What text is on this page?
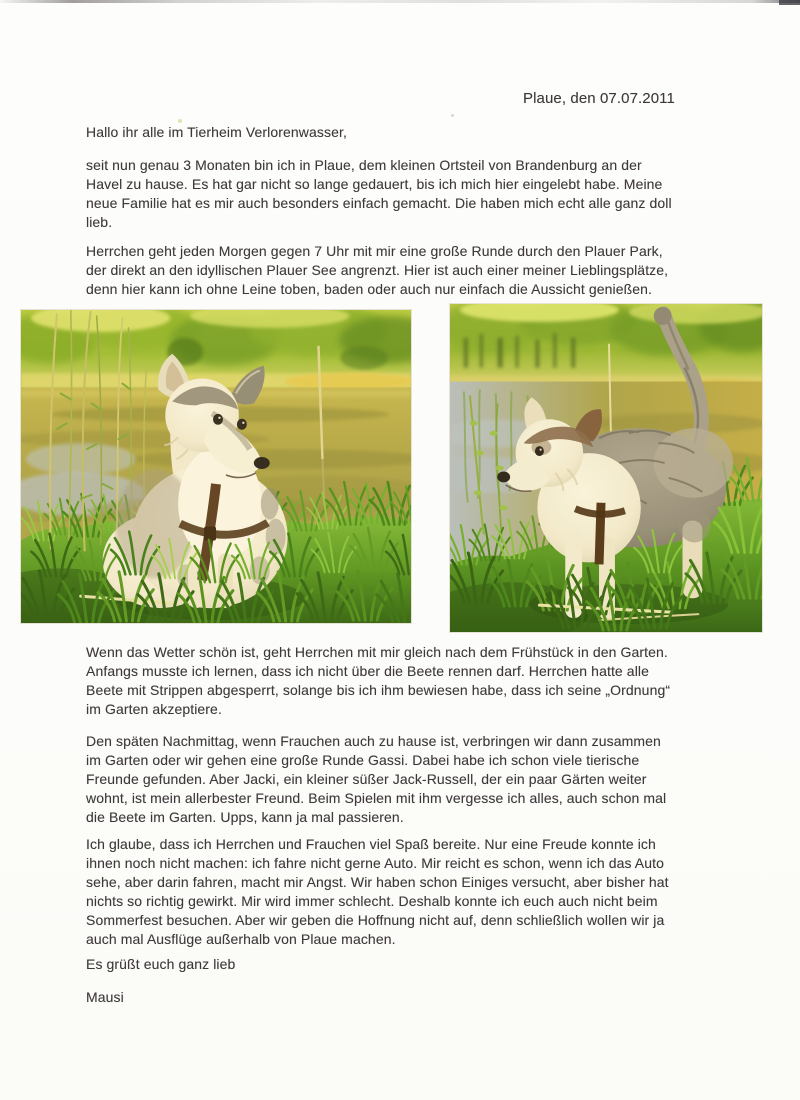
Plaue, den 07.07.2011
Hallo ihr alle im Tierheim Verlorenwasser,
seit nun genau 3 Monaten bin ich in Plaue, dem kleinen Ortsteil von Brandenburg an der
Havel zu hause. Es hat gar nicht so lange gedauert, bis ich mich hier eingelebt habe. Meine
neue Familie hat es mir auch besonders einfach gemacht. Die haben mich echt alle ganz doll
lieb.
Herrchen geht jeden Morgen gegen 7 Uhr mit mir eine große Runde durch den Plauer Park,
der direkt an den idyllischen Plauer See angrenzt. Hier ist auch einer meiner Lieblingsplätze,
denn hier kann ich ohne Leine toben, baden oder auch nur einfach die Aussicht genießen.
Wenn das Wetter schön ist, geht Herrchen mit mir gleich nach dem Frühstück in den Garten.
Anfangs musste ich lernen, dass ich nicht über die Beete rennen darf. Herrchen hatte alle
Beete mit Strippen abgesperrt, solange bis ich ihm bewiesen habe, dass ich seine „Ordnung“
im Garten akzeptiere.
Den späten Nachmittag, wenn Frauchen auch zu hause ist, verbringen wir dann zusammen
im Garten oder wir gehen eine große Runde Gassi. Dabei habe ich schon viele tierische
Freunde gefunden. Aber Jacki, ein kleiner süßer Jack-Russell, der ein paar Gärten weiter
wohnt, ist mein allerbester Freund. Beim Spielen mit ihm vergesse ich alles, auch schon mal
die Beete im Garten. Upps, kann ja mal passieren.
Ich glaube, dass ich Herrchen und Frauchen viel Spaß bereite. Nur eine Freude konnte ich
ihnen noch nicht machen: ich fahre nicht gerne Auto. Mir reicht es schon, wenn ich das Auto
sehe, aber darin fahren, macht mir Angst. Wir haben schon Einiges versucht, aber bisher hat
nichts so richtig gewirkt. Mir wird immer schlecht. Deshalb konnte ich euch auch nicht beim
Sommerfest besuchen. Aber wir geben die Hoffnung nicht auf, denn schließlich wollen wir ja
auch mal Ausflüge außerhalb von Plaue machen.
Es grüßt euch ganz lieb
Mausi
